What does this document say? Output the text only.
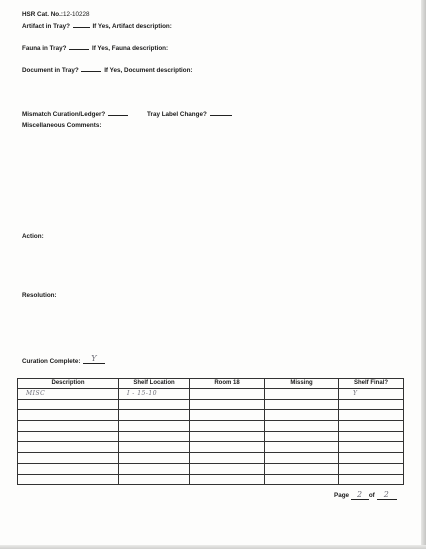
HSR Cat. No.:12-10228
Artifact in Tray?	If Yes, Artifact description:
Fauna in Tray?	If Yes, Fauna description:
Document in Tray?	If Yes, Document description:
Mismatch Curation/Ledger?	Tray Label Change?
Miscellaneous Comments:
Action:
Resolution:
Curation Complete: Y
Description	Shelf Location	Room 18	Missing	Shelf Final?
MISC	I - 15-10			Y

Page 2 of 2
